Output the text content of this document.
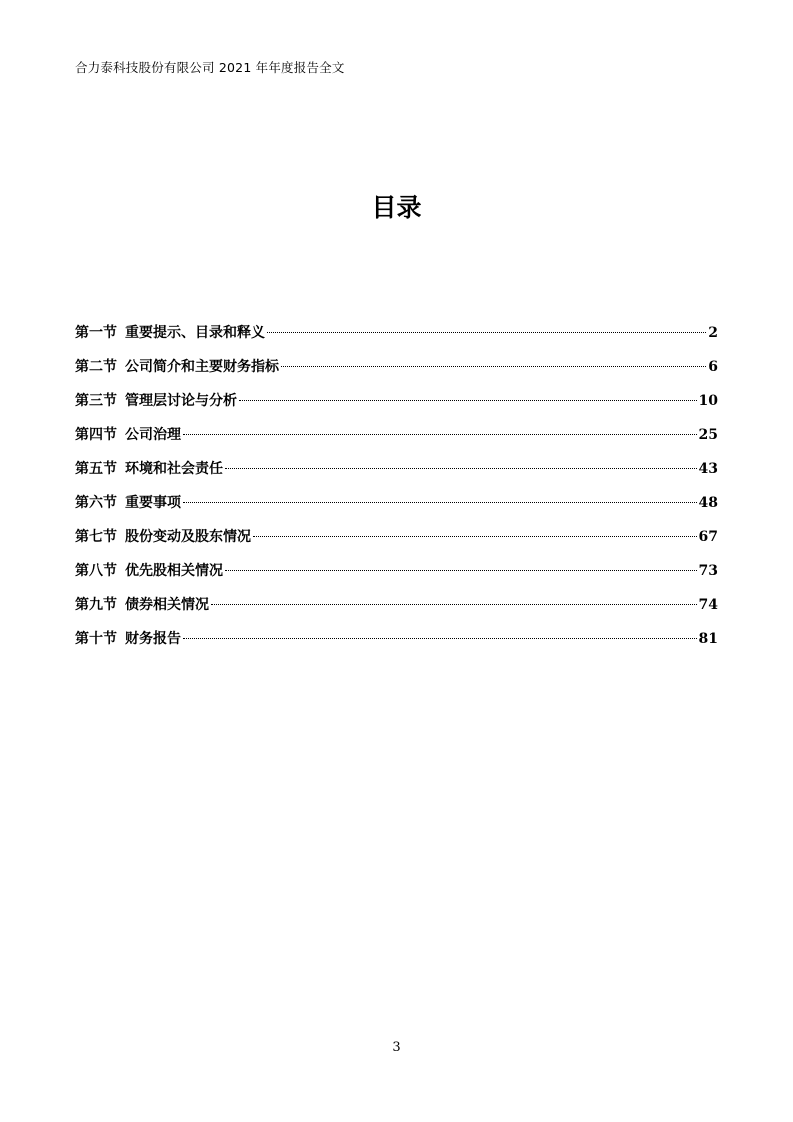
合力泰科技股份有限公司 2021 年年度报告全文
目录
第一节 重要提示、目录和释义	2
第二节 公司简介和主要财务指标	6
第三节 管理层讨论与分析	10
第四节 公司治理	25
第五节 环境和社会责任	43
第六节 重要事项	48
第七节 股份变动及股东情况	67
第八节 优先股相关情况	73
第九节 债券相关情况	74
第十节 财务报告	81
3
